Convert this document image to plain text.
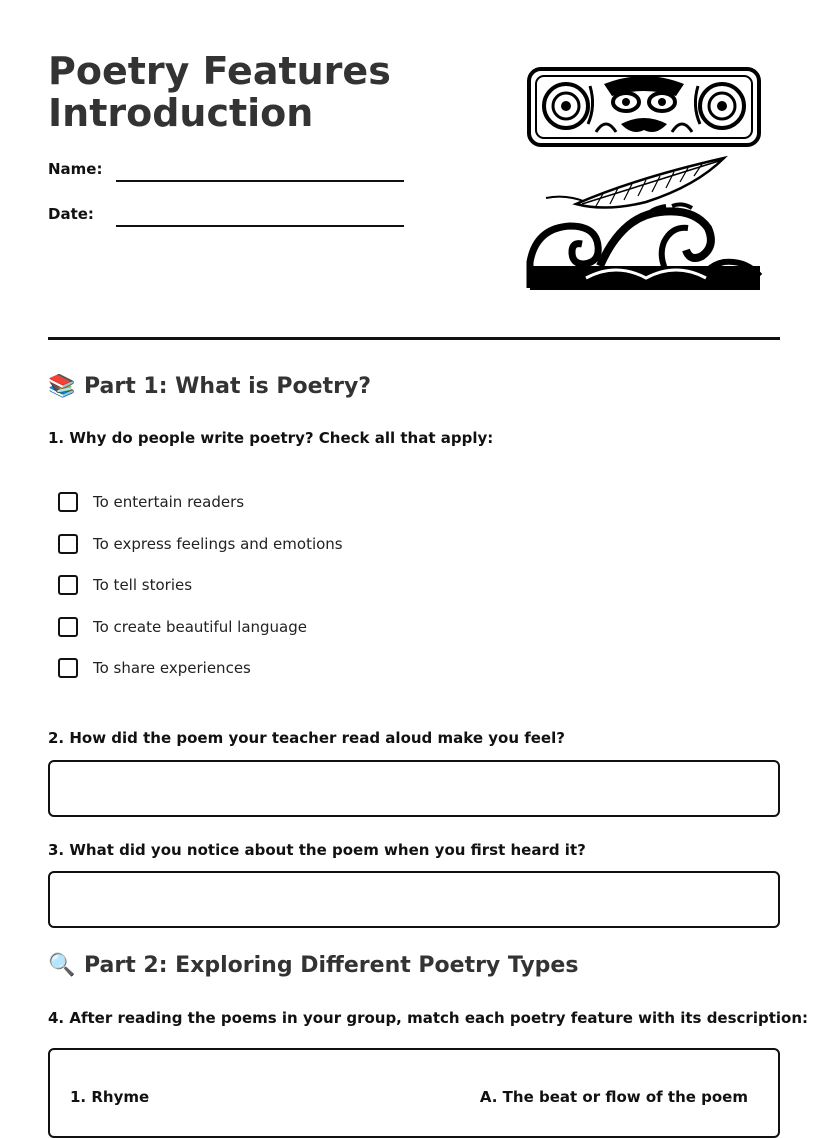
Poetry Features
Introduction
Name:
Date:
📚 Part 1: What is Poetry?
1. Why do people write poetry? Check all that apply:
To entertain readers
To express feelings and emotions
To tell stories
To create beautiful language
To share experiences
2. How did the poem your teacher read aloud make you feel?
3. What did you notice about the poem when you first heard it?
🔍 Part 2: Exploring Different Poetry Types
4. After reading the poems in your group, match each poetry feature with its description:
1. Rhyme	A. The beat or flow of the poem
